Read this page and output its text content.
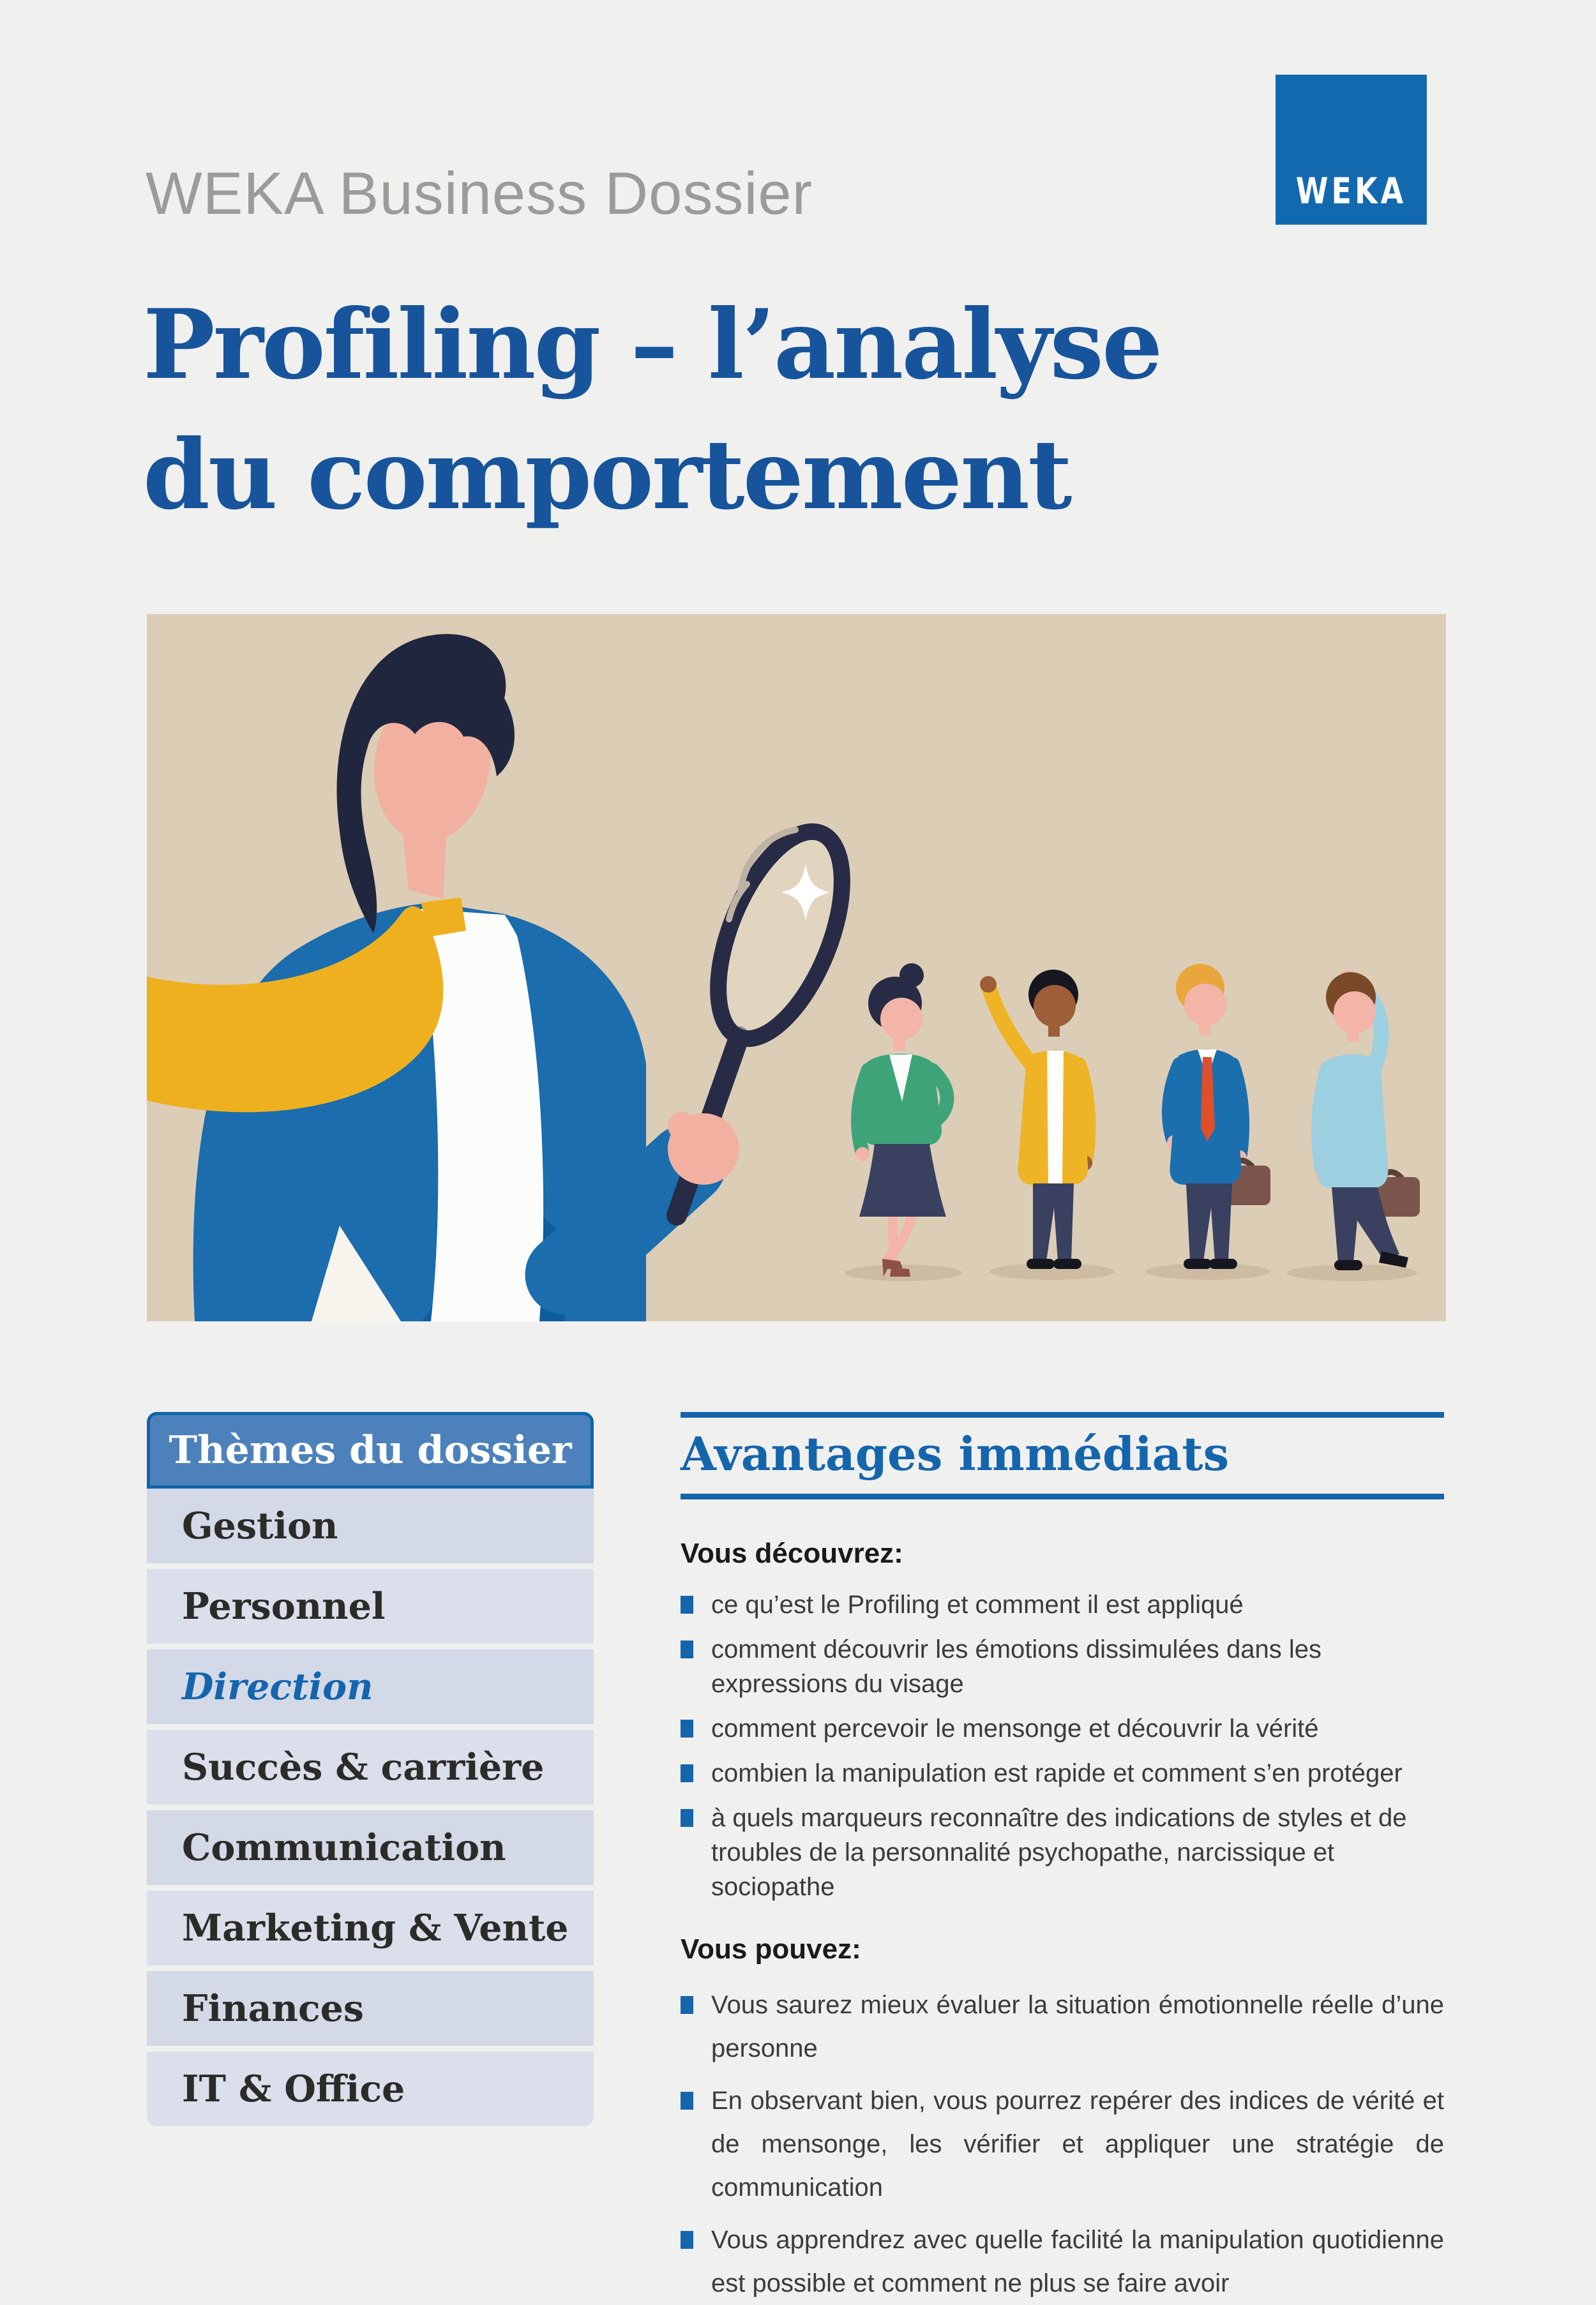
WEKA Business Dossier	WEKA
Profiling – l’analyse
du comportement
Thèmes du dossier
Gestion
Personnel
Direction
Succès & carrière
Communication
Marketing & Vente
Finances
IT & Office
Avantages immédiats

Vous découvrez:

ce qu’est le Profiling et comment il est appliqué
comment découvrir les émotions dissimulées dans les expressions du visage
comment percevoir le mensonge et découvrir la vérité
combien la manipulation est rapide et comment s’en protéger
à quels marqueurs reconnaître des indications de styles et de troubles de la personnalité psychopathe, narcissique et sociopathe

Vous pouvez:

Vous saurez mieux évaluer la situation émotionnelle réelle d’une personne
En observant bien, vous pourrez repérer des indices de vérité et de mensonge, les vérifier et appliquer une stratégie de communication
Vous apprendrez avec quelle facilité la manipulation quotidienne est possible et comment ne plus se faire avoir
